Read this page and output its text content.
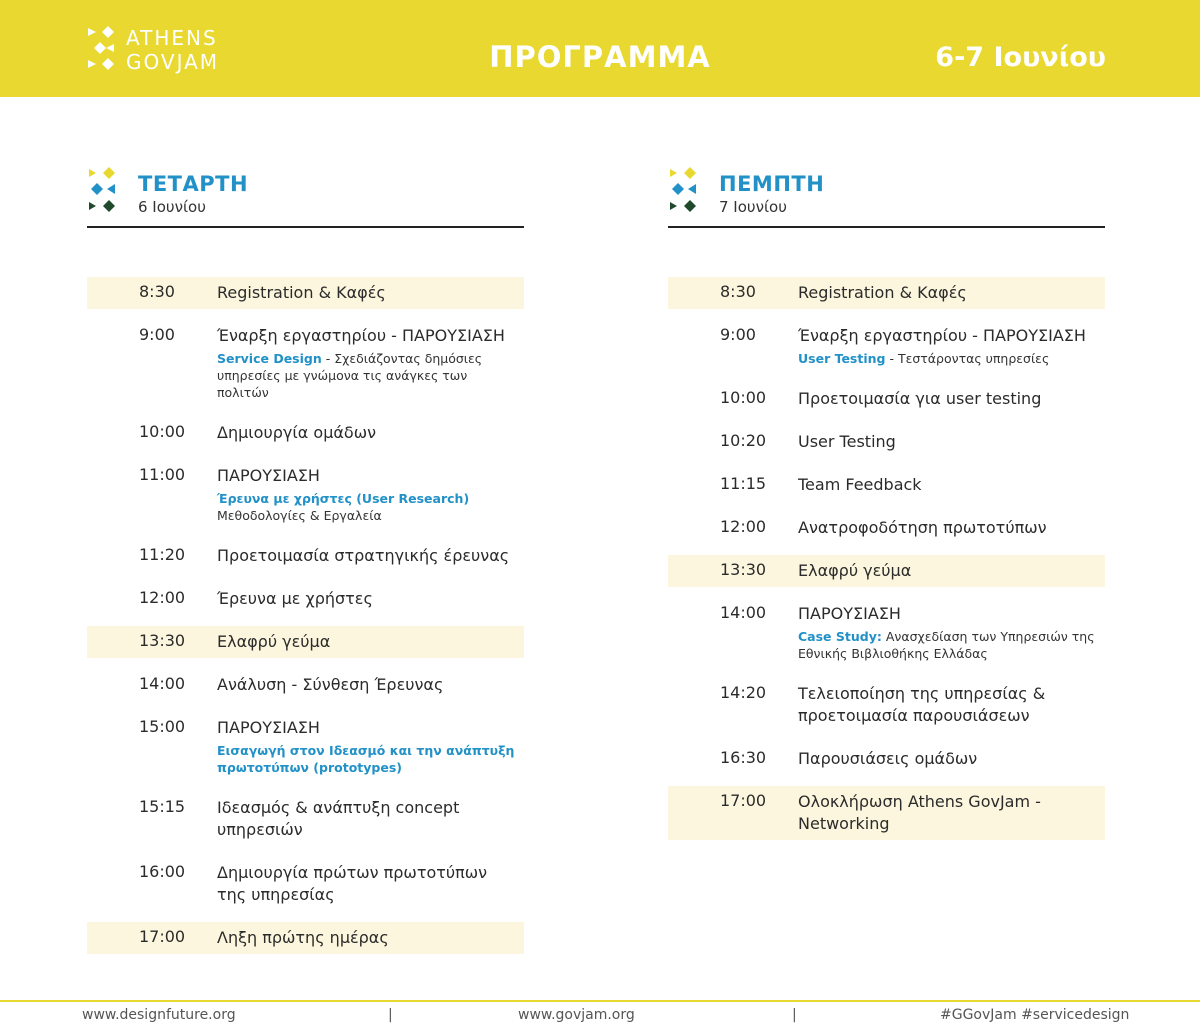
ATHENS
GOVJAM	ΠΡΟΓΡΑΜΜΑ	6-7 Ιουνίου
ΤΕΤΑΡΤΗ
6 Ιουνίου
8:30	Registration & Καφές
9:00	Έναρξη εργαστηρίου - ΠΑΡΟΥΣΙΑΣΗ
Service Design - Σχεδιάζοντας δημόσιες υπηρεσίες με γνώμονα τις ανάγκες των πολιτών
10:00	Δημιουργία ομάδων
11:00	ΠΑΡΟΥΣΙΑΣΗ
Έρευνα με χρήστες (User Research)
Μεθοδολογίες & Εργαλεία
11:20	Προετοιμασία στρατηγικής έρευνας
12:00	Έρευνα με χρήστες
13:30	Ελαφρύ γεύμα
14:00	Ανάλυση - Σύνθεση Έρευνας
15:00	ΠΑΡΟΥΣΙΑΣΗ
Εισαγωγή στον Ιδεασμό και την ανάπτυξη πρωτοτύπων (prototypes)
15:15	Ιδεασμός & ανάπτυξη concept υπηρεσιών
16:00	Δημιουργία πρώτων πρωτοτύπων της υπηρεσίας
17:00	Ληξη πρώτης ημέρας
ΠΕΜΠΤΗ
7 Ιουνίου
8:30	Registration & Καφές
9:00	Έναρξη εργαστηρίου - ΠΑΡΟΥΣΙΑΣΗ
User Testing - Τεστάροντας υπηρεσίες
10:00	Προετοιμασία για user testing
10:20	User Testing
11:15	Team Feedback
12:00	Ανατροφοδότηση πρωτοτύπων
13:30	Ελαφρύ γεύμα
14:00	ΠΑΡΟΥΣΙΑΣΗ
Case Study: Ανασχεδίαση των Υπηρεσιών της Εθνικής Βιβλιοθήκης Ελλάδας
14:20	Τελειοποίηση της υπηρεσίας & προετοιμασία παρουσιάσεων
16:30	Παρουσιάσεις ομάδων
17:00	Ολοκλήρωση Athens GovJam - Networking
www.designfuture.org	|	www.govjam.org	|	#GGovJam #servicedesign
